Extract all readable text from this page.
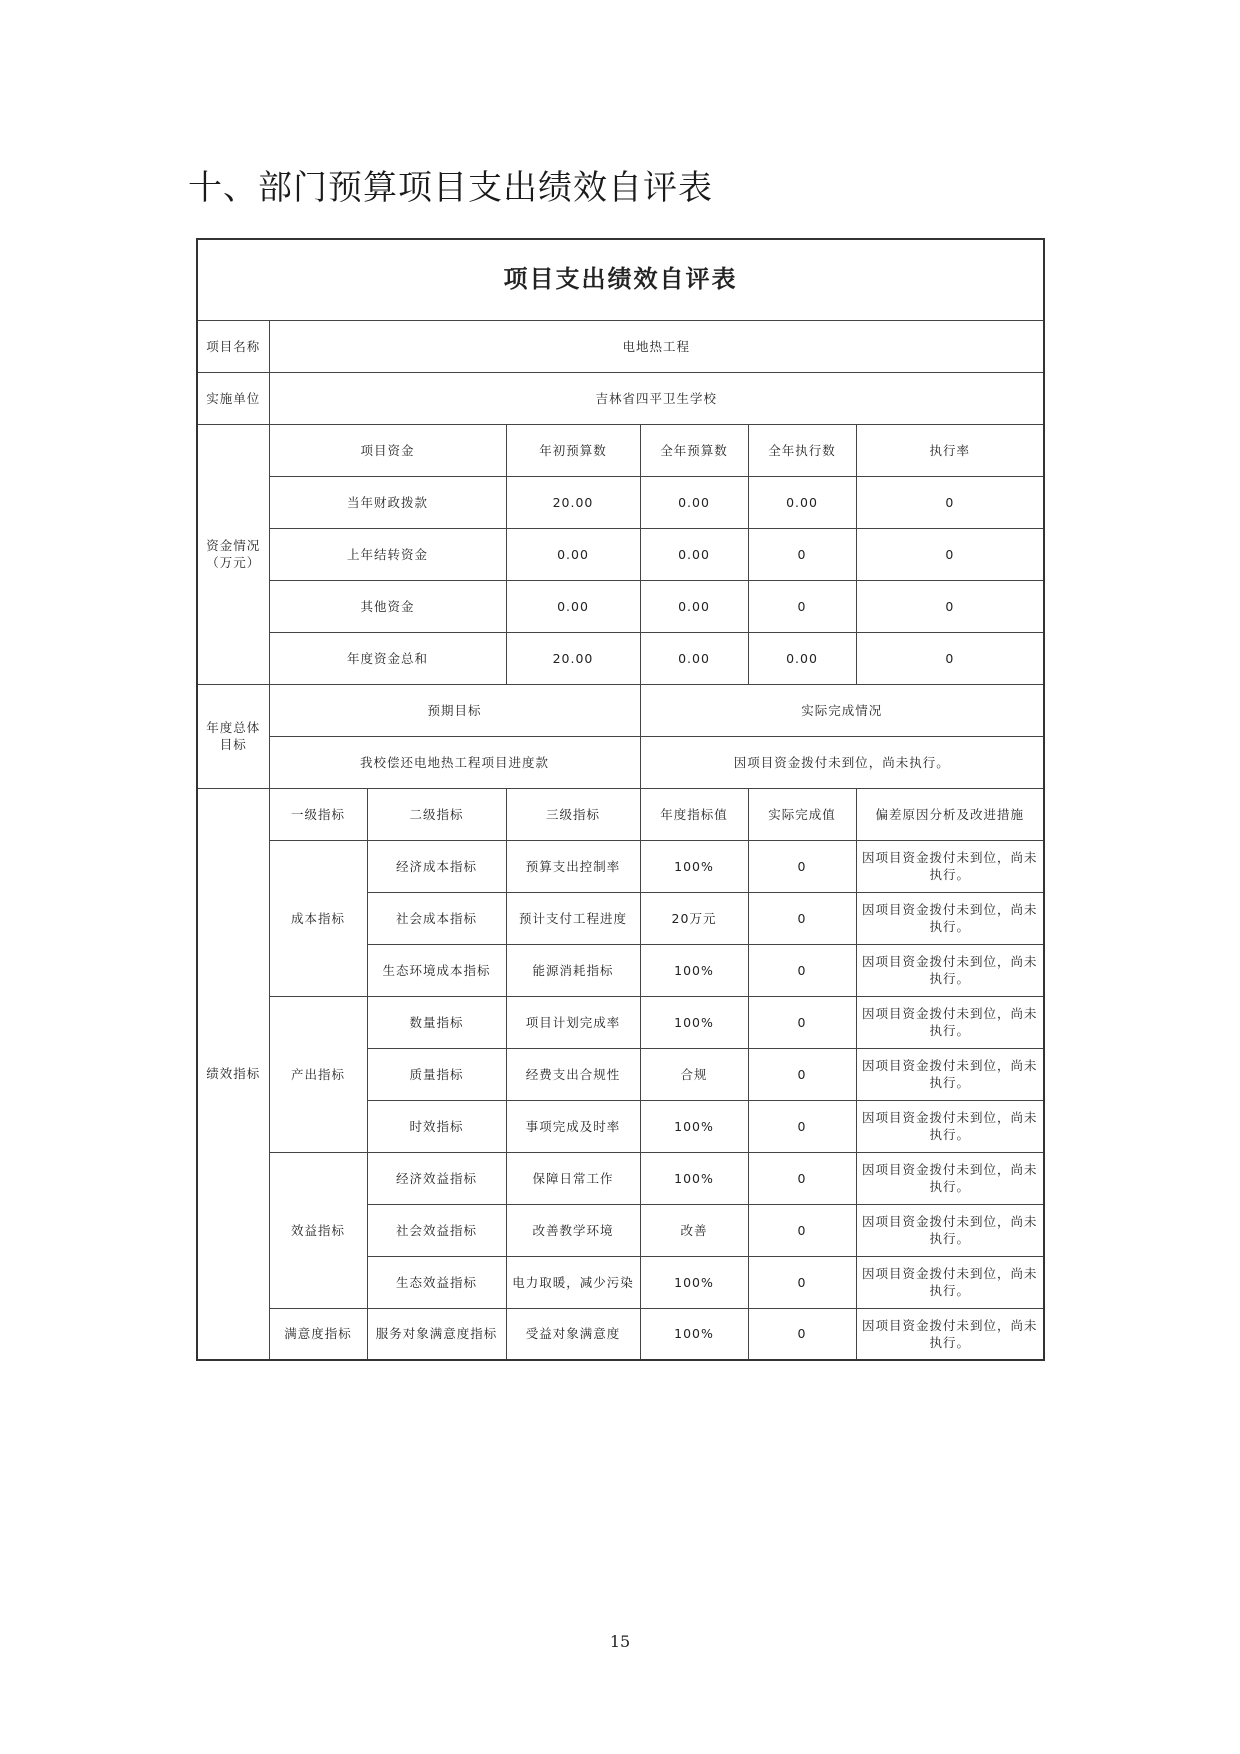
十、部门预算项目支出绩效自评表
项目支出绩效自评表						
项目名称	电地热工程					
实施单位	吉林省四平卫生学校					
资金情况（万元）	项目资金		年初预算数	全年预算数	全年执行数	执行率
	当年财政拨款		20.00	0.00	0.00	0
	上年结转资金		0.00	0.00	0	0
	其他资金		0.00	0.00	0	0
	年度资金总和		20.00	0.00	0.00	0
年度总体目标	预期目标			实际完成情况		
	我校偿还电地热工程项目进度款			因项目资金拨付未到位，尚未执行。		
绩效指标	一级指标	二级指标	三级指标	年度指标值	实际完成值	偏差原因分析及改进措施
	成本指标	经济成本指标	预算支出控制率	100%	0	因项目资金拨付未到位，尚未执行。
		社会成本指标	预计支付工程进度	20万元	0	因项目资金拨付未到位，尚未执行。
		生态环境成本指标	能源消耗指标	100%	0	因项目资金拨付未到位，尚未执行。
	产出指标	数量指标	项目计划完成率	100%	0	因项目资金拨付未到位，尚未执行。
		质量指标	经费支出合规性	合规	0	因项目资金拨付未到位，尚未执行。
		时效指标	事项完成及时率	100%	0	因项目资金拨付未到位，尚未执行。
	效益指标	经济效益指标	保障日常工作	100%	0	因项目资金拨付未到位，尚未执行。
		社会效益指标	改善教学环境	改善	0	因项目资金拨付未到位，尚未执行。
		生态效益指标	电力取暖，减少污染	100%	0	因项目资金拨付未到位，尚未执行。
	满意度指标	服务对象满意度指标	受益对象满意度	100%	0	因项目资金拨付未到位，尚未执行。
15
